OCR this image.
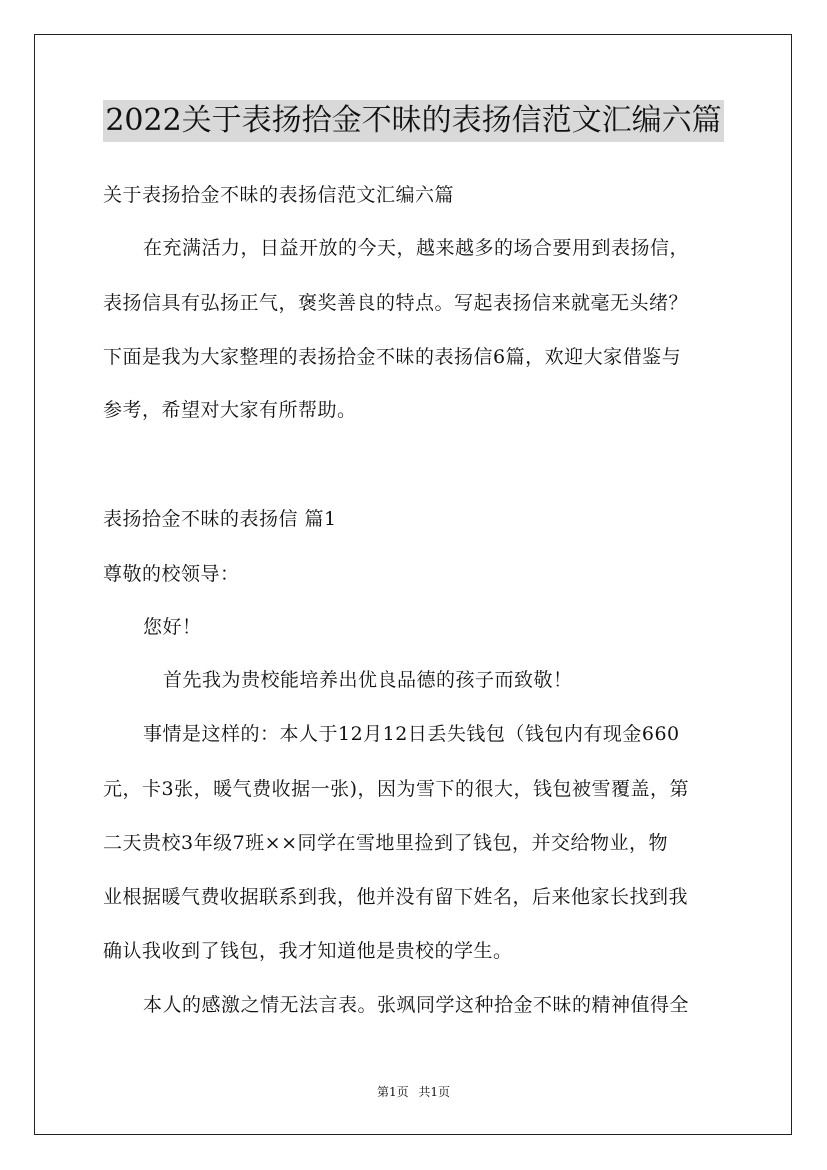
2022关于表扬拾金不昧的表扬信范文汇编六篇
关于表扬拾金不昧的表扬信范文汇编六篇
在充满活力，日益开放的今天，越来越多的场合要用到表扬信，
表扬信具有弘扬正气，褒奖善良的特点。写起表扬信来就毫无头绪？
下面是我为大家整理的表扬拾金不昧的表扬信6篇，欢迎大家借鉴与
参考，希望对大家有所帮助。
表扬拾金不昧的表扬信 篇1
尊敬的校领导：
您好！
首先我为贵校能培养出优良品德的孩子而致敬！
事情是这样的：本人于12月12日丢失钱包（钱包内有现金660
元，卡3张，暖气费收据一张)，因为雪下的很大，钱包被雪覆盖，第
二天贵校3年级7班××同学在雪地里捡到了钱包，并交给物业，物
业根据暖气费收据联系到我，他并没有留下姓名，后来他家长找到我
确认我收到了钱包，我才知道他是贵校的学生。
本人的感激之情无法言表。张飒同学这种拾金不昧的精神值得全
第1页 共1页
